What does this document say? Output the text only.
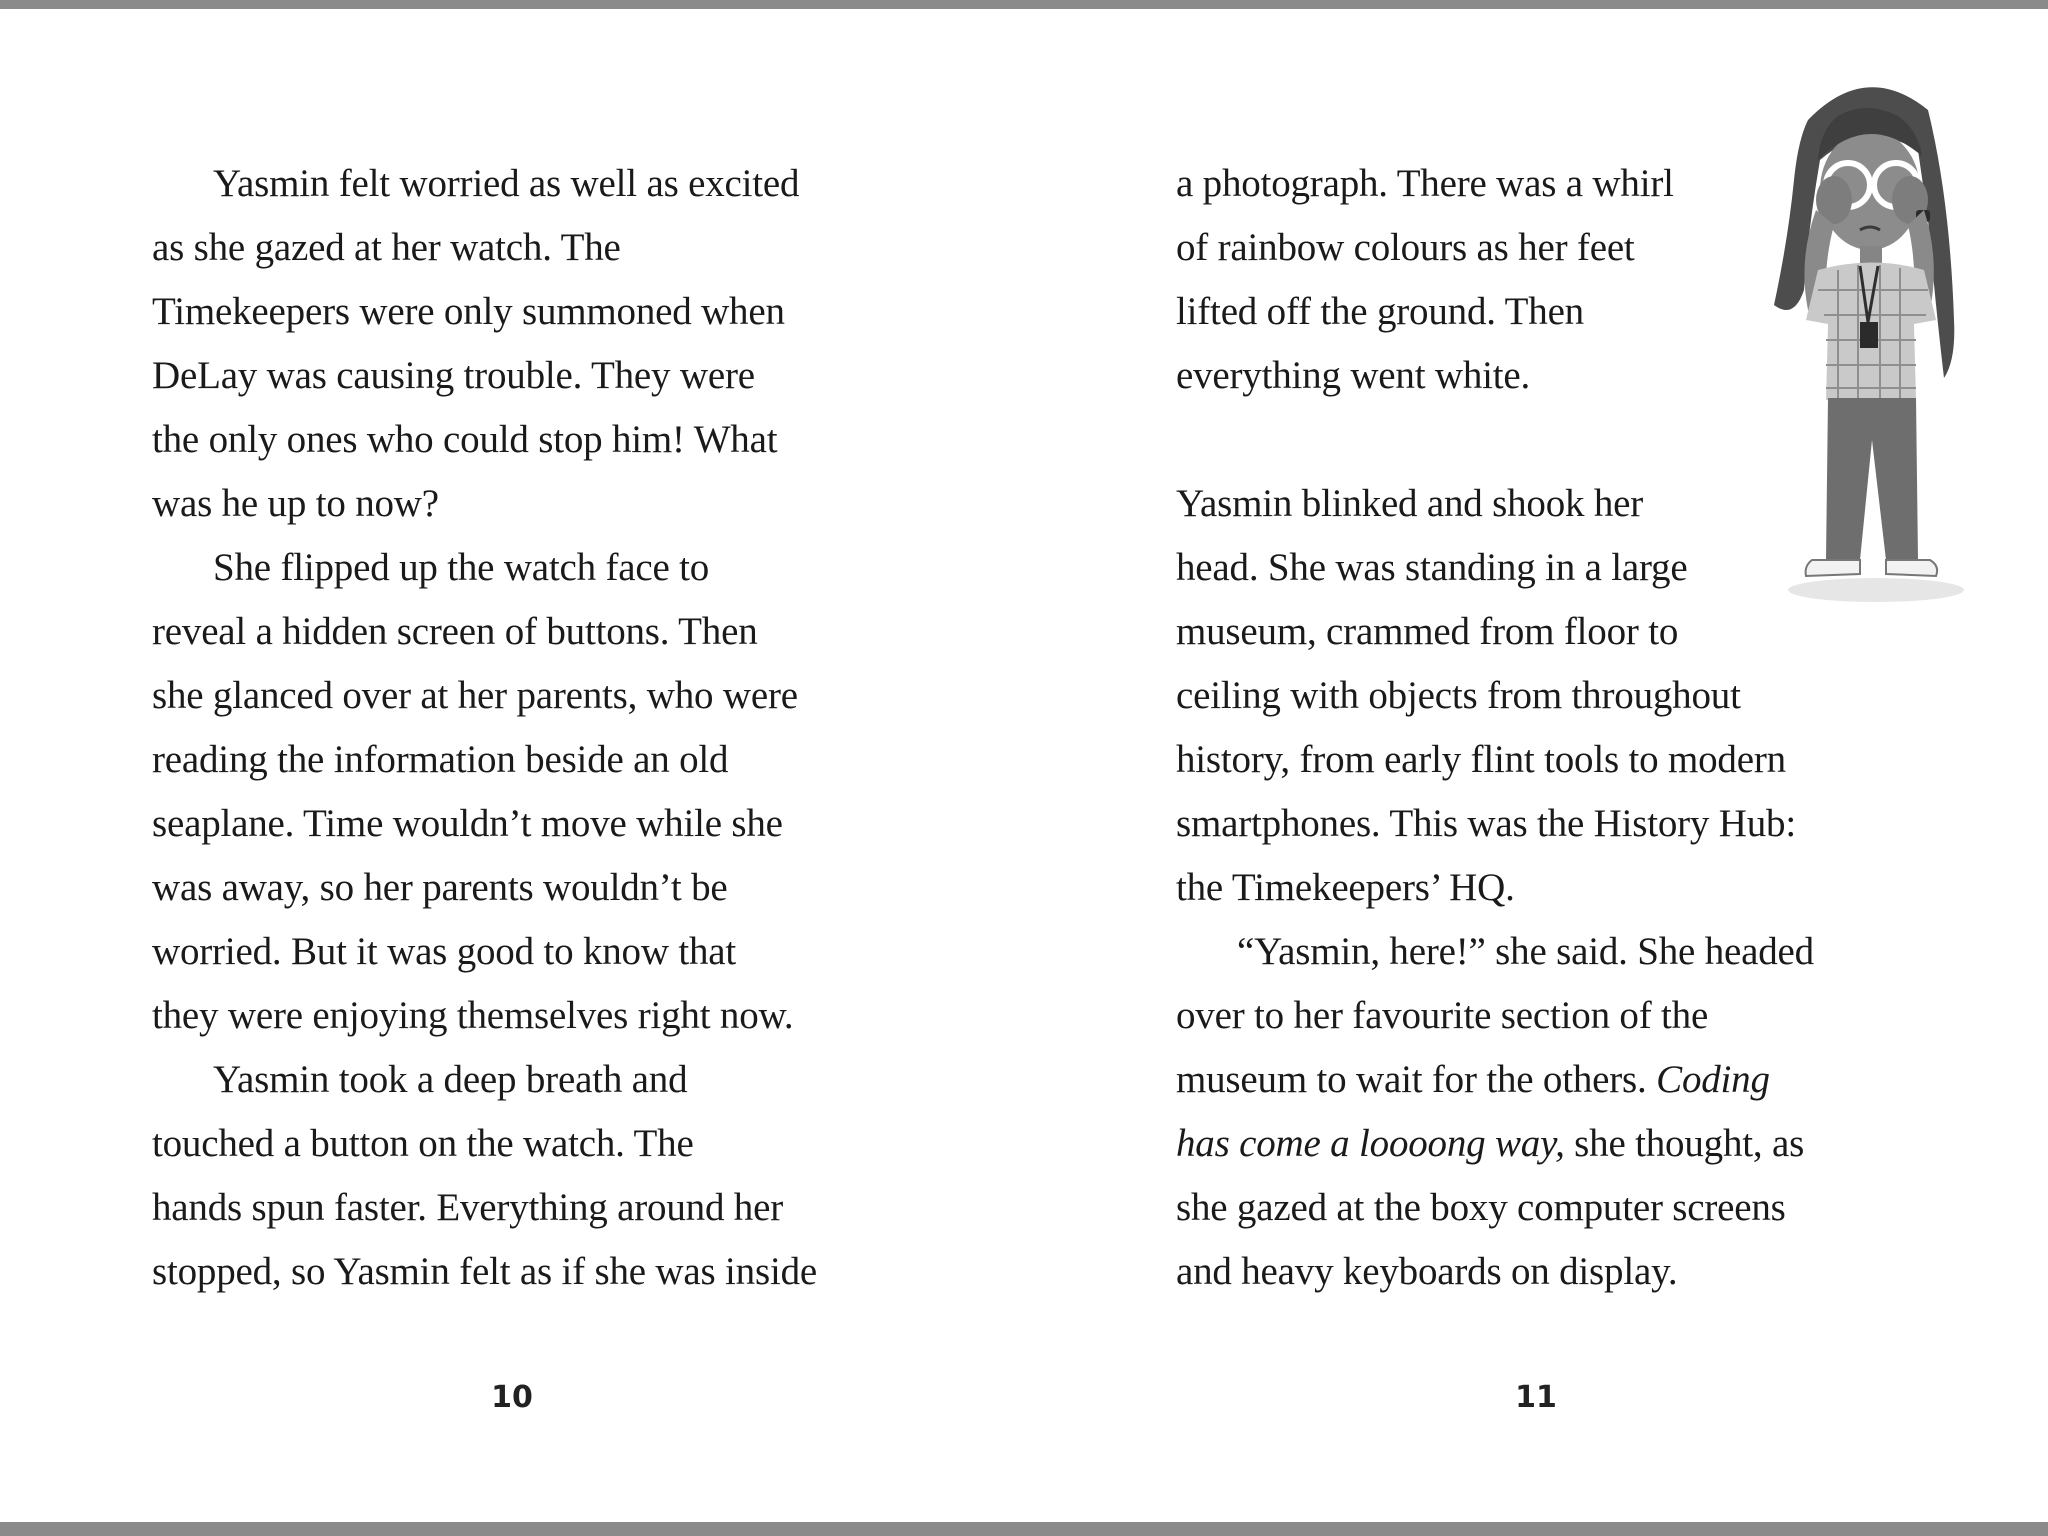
Yasmin felt worried as well as excited
as she gazed at her watch. The
Timekeepers were only summoned when
DeLay was causing trouble. They were
the only ones who could stop him! What
was he up to now?
She flipped up the watch face to
reveal a hidden screen of buttons. Then
she glanced over at her parents, who were
reading the information beside an old
seaplane. Time wouldn’t move while she
was away, so her parents wouldn’t be
worried. But it was good to know that
they were enjoying themselves right now.
Yasmin took a deep breath and
touched a button on the watch. The
hands spun faster. Everything around her
stopped, so Yasmin felt as if she was inside
10
a photograph. There was a whirl
of rainbow colours as her feet
lifted off the ground. Then
everything went white.
Yasmin blinked and shook her
head. She was standing in a large
museum, crammed from floor to
ceiling with objects from throughout
history, from early flint tools to modern
smartphones. This was the History Hub:
the Timekeepers’ HQ.
“Yasmin, here!” she said. She headed
over to her favourite section of the
museum to wait for the others. Coding
has come a loooong way, she thought, as
she gazed at the boxy computer screens
and heavy keyboards on display.
11
